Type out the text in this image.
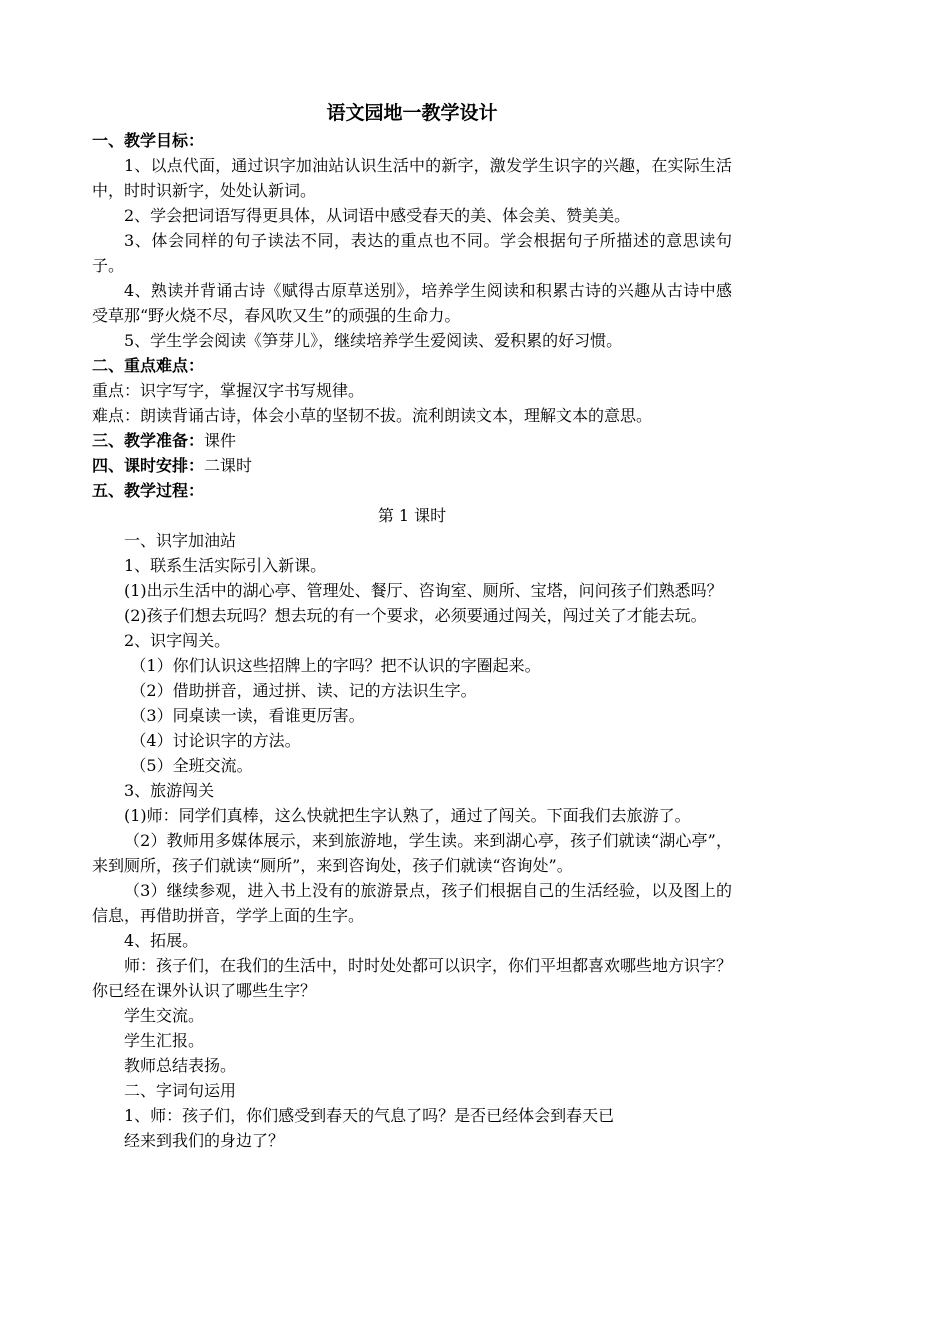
语文园地一教学设计

一、教学目标：

1、以点代面，通过识字加油站认识生活中的新字，激发学生识字的兴趣，在实际生活中，时时识新字，处处认新词。

2、学会把词语写得更具体，从词语中感受春天的美、体会美、赞美美。

3、体会同样的句子读法不同，表达的重点也不同。学会根据句子所描述的意思读句子。

4、熟读并背诵古诗《赋得古原草送别》，培养学生阅读和积累古诗的兴趣从古诗中感受草那“野火烧不尽，春风吹又生”的顽强的生命力。

5、学生学会阅读《笋芽儿》，继续培养学生爱阅读、爱积累的好习惯。

二、重点难点：

重点：识字写字，掌握汉字书写规律。

难点：朗读背诵古诗，体会小草的坚韧不拔。流利朗读文本，理解文本的意思。

三、教学准备：课件

四、课时安排：二课时

五、教学过程：

第 1 课时

一、识字加油站

1、联系生活实际引入新课。

(1)出示生活中的湖心亭、管理处、餐厅、咨询室、厕所、宝塔，问问孩子们熟悉吗？

(2)孩子们想去玩吗？想去玩的有一个要求，必须要通过闯关，闯过关了才能去玩。

2、识字闯关。

（1）你们认识这些招牌上的字吗？把不认识的字圈起来。

（2）借助拼音，通过拼、读、记的方法识生字。

（3）同桌读一读，看谁更厉害。

（4）讨论识字的方法。

（5）全班交流。

3、旅游闯关

(1)师：同学们真棒，这么快就把生字认熟了，通过了闯关。下面我们去旅游了。

（2）教师用多媒体展示，来到旅游地，学生读。来到湖心亭，孩子们就读“湖心亭”，来到厕所，孩子们就读“厕所”，来到咨询处，孩子们就读“咨询处”。

（3）继续参观，进入书上没有的旅游景点，孩子们根据自己的生活经验，以及图上的信息，再借助拼音，学学上面的生字。

4、拓展。

师：孩子们，在我们的生活中，时时处处都可以识字，你们平坦都喜欢哪些地方识字？你已经在课外认识了哪些生字？

学生交流。

学生汇报。

教师总结表扬。

二、字词句运用

1、师：孩子们，你们感受到春天的气息了吗？是否已经体会到春天已

经来到我们的身边了？
